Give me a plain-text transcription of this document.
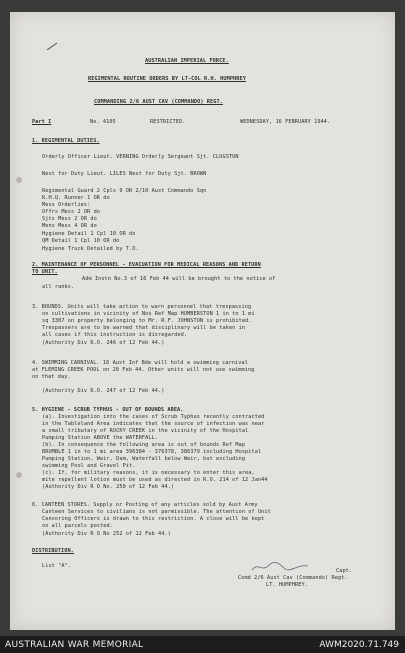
AUSTRALIAN IMPERIAL FORCE.
REGIMENTAL ROUTINE ORDERS BY LT-COL R.H. HUMPHREY
COMMANDING 2/6 AUST CAV (COMMANDO) REGT.
Part I	No. 4105	RESTRICTED.	WEDNESDAY, 16 FEBRUARY 1944.
1. REGIMENTAL DUTIES.
Orderly Officer Lieut. VERNING Orderly Sergeant Sjt. CLUGSTON
Next for Duty Lieut. LILES Next for Duty Sjt. BROWN
Regimental Guard 2 Cpls 9 OR 2/10 Aust Commando Sqn
R.H.Q. Runner 1 OR do
Mess Orderlies:
Offrs Mess 2 OR do
Sjts Mess 2 OR do
Mens Mess 4 OR do
Hygiene Detail 1 Cpl 10 OR do
QM Detail 1 Cpl 10 OR do
Hygiene Truck Detailed by T.O.
2. MAINTENANCE OF PERSONNEL - EVACUATION FOR MEDICAL REASONS AND RETURN
TO UNIT.
Adm Instn No.3 of 16 Feb 44 will be brought to the notice of
all ranks.
3. BOUNDS. Units will take action to warn personnel that trespassing
on cultivations in vicinity of Nos Ref Map HUMBERSTON 1 in to 1 mi
sq 3307 on property belonging to Mr. R.F. JOHNSTON is prohibited.
Trespassers are to be warned that disciplinary will be taken in
all cases if this instruction is disregarded.
(Authority Div R.O. 246 of 12 Feb 44.)
4. SWIMMING CARNIVAL. 16 Aust Inf Bde will hold a swimming carnival
at FLEMING CREEK POOL on 20 Feb 44. Other units will not use swimming
on that day.
(Authority Div R.O. 247 of 12 Feb 44.)
5. HYGIENE - SCRUB TYPHUS - OUT OF BOUNDS AREA.
(a). Investigation into the cases of Scrub Typhus recently contracted
in the Tableland Area indicates that the source of infection was near
a small tributary of ROCKY CREEK in the vicinity of the Hospital
Pumping Station ABOVE the WATERFALL.
(b). In consequence the following area is out of bounds Ref Map
BRUMBLE 1 in to 1 mi area 396384 - 376378, 386379 including Hospital
Pumping Station, Weir, Dam, Waterfall below Weir, but excluding
swimming Pool and Gravel Pit.
(c). If, for military reasons, it is necessary to enter this area,
mite repellent lotion must be used as directed in R.O. 214 of 12 Jan44
(Authority Div R O No. 250 of 12 Feb 44.)
6. CANTEEN STORES. Supply or Posting of any articles sold by Aust Army
Canteen Services to civilians is not permissible. The attention of Unit
Censoring Officers is drawn to this restriction. A close will be kept
on all parcels posted.
(Authority Div R O No 252 of 12 Feb 44.)
DISTRIBUTION.
List "A".
Capt.
Comd 2/6 Aust Cav (Commando) Regt.
LT. HUMPHREY.
AUSTRALIAN WAR MEMORIAL	AWM2020.71.749
